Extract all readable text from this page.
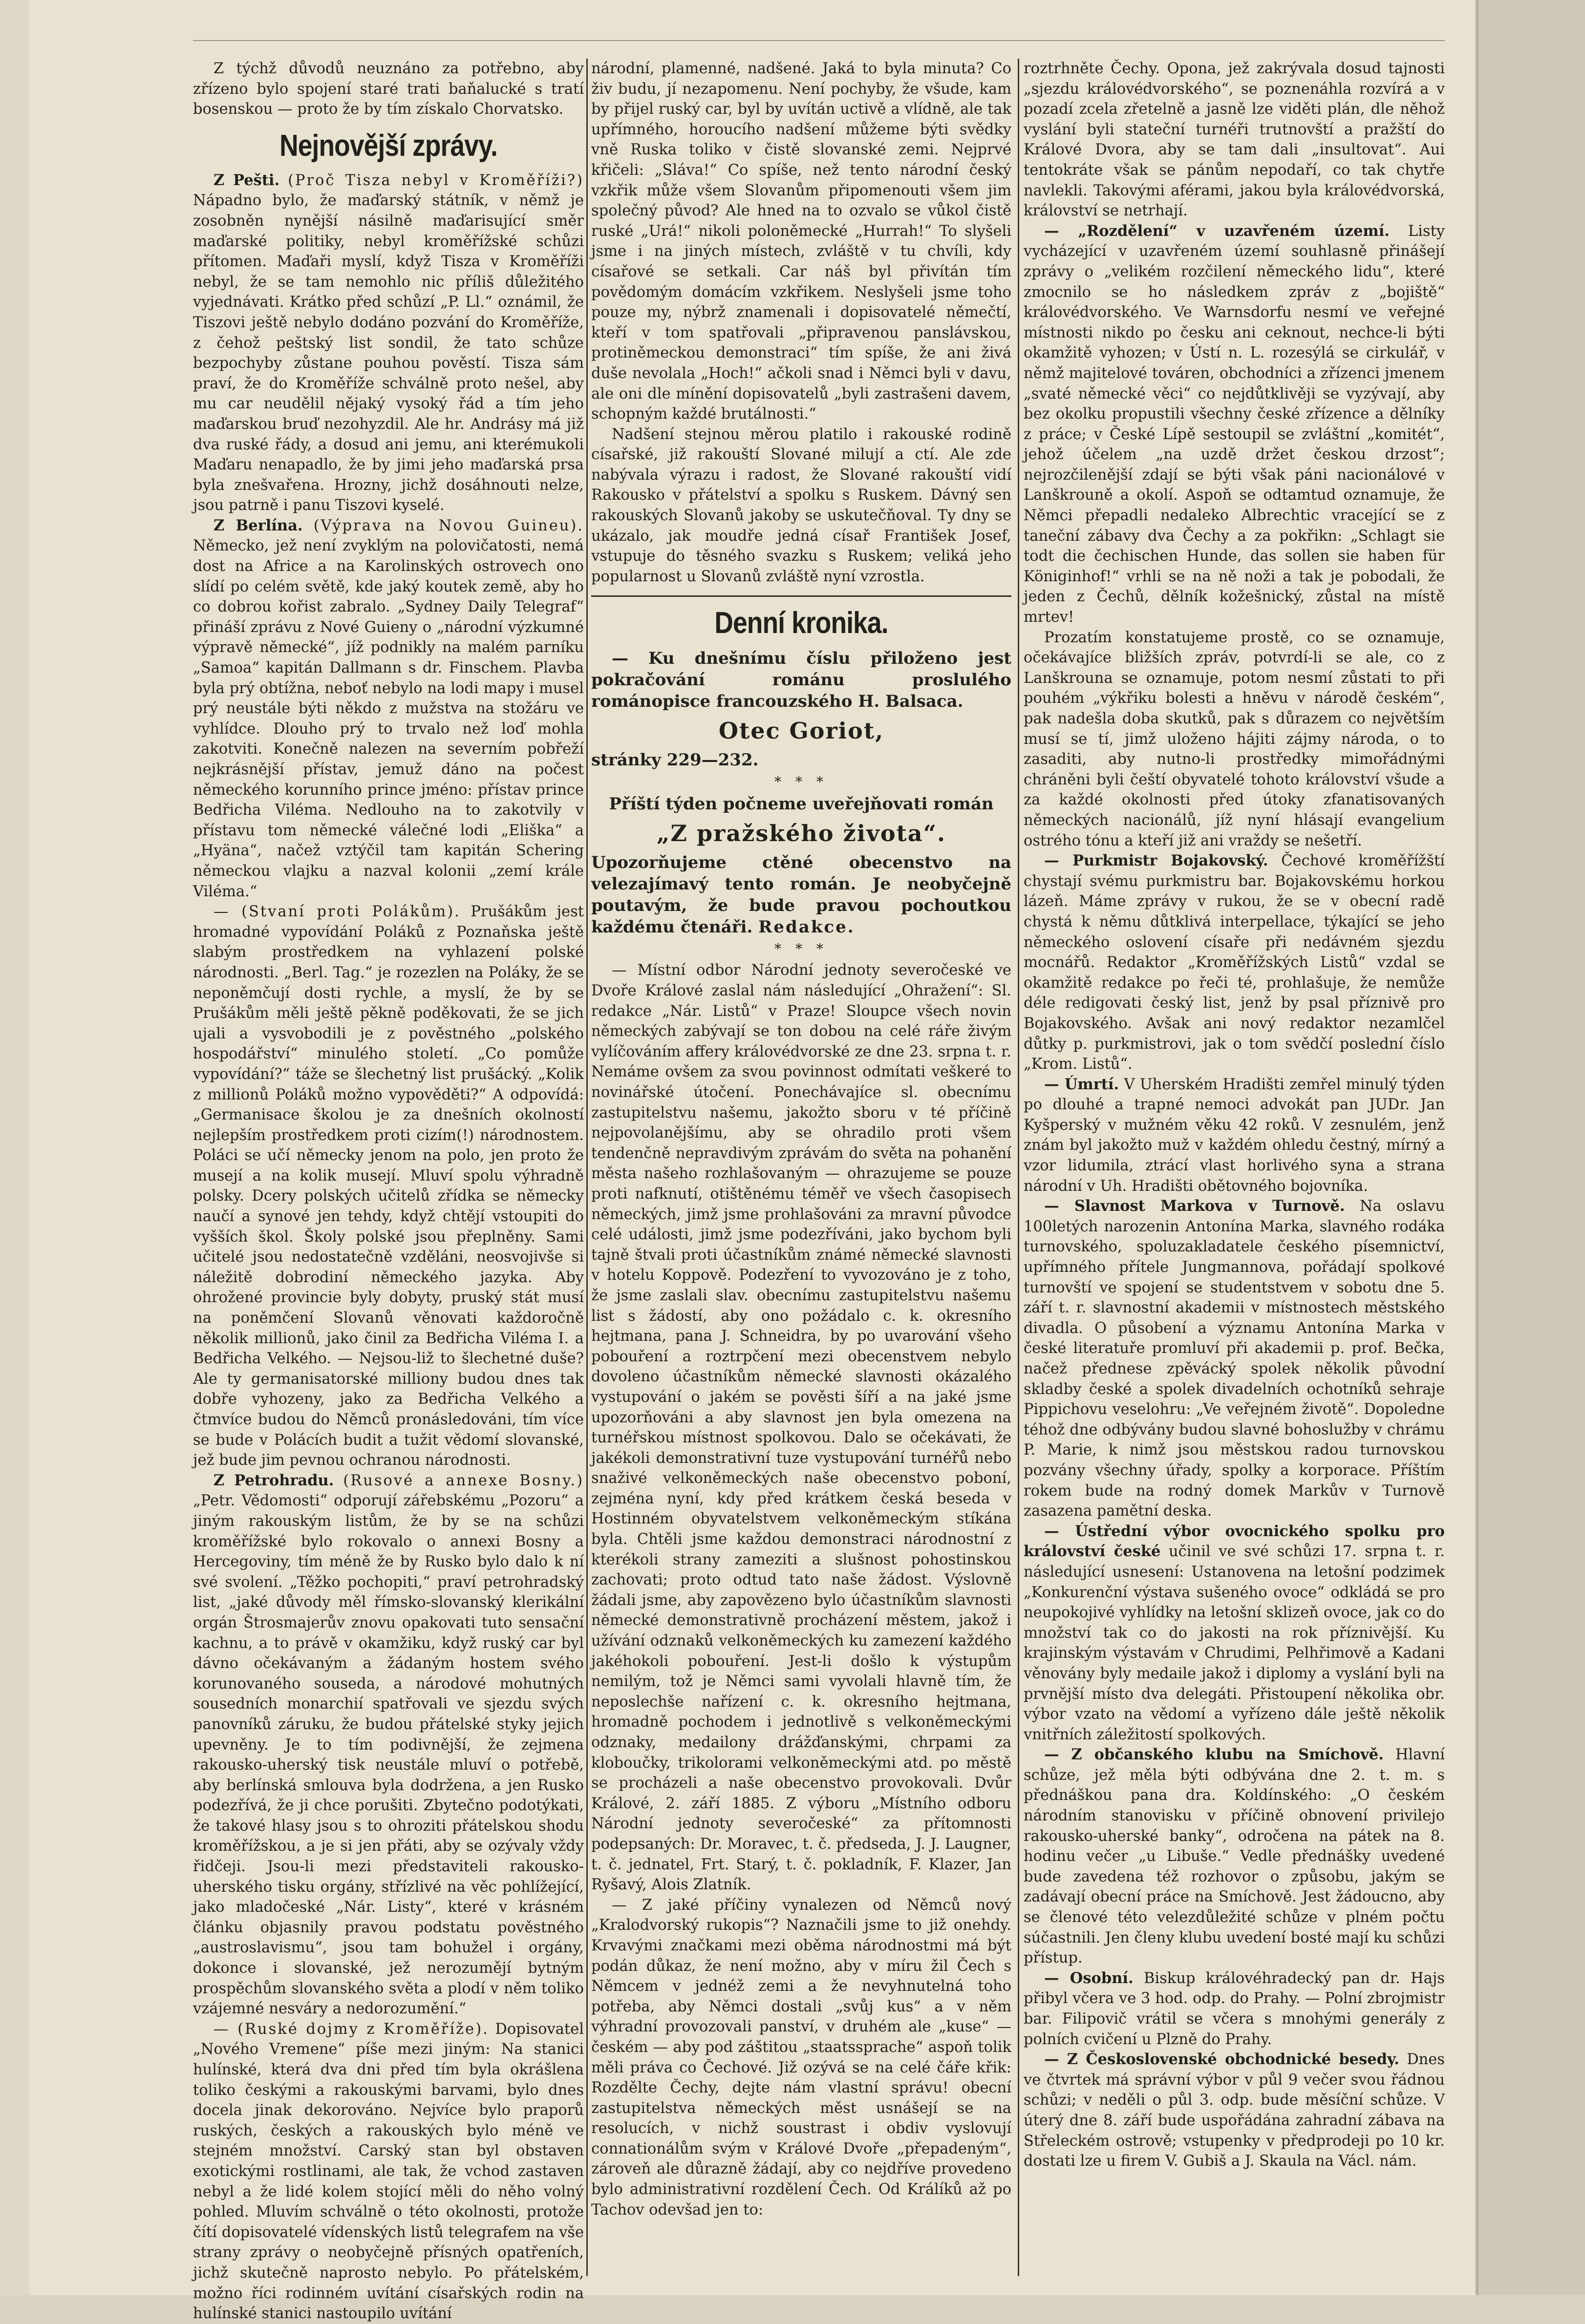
Z týchž důvodů neuznáno za potřebno, aby zřízeno bylo spojení staré trati baňalucké s tratí bosenskou — proto že by tím získalo Chorvatsko.

Nejnovější zprávy.

Z Pešti. (Proč Tisza nebyl v Kroměříži?) Nápadno bylo, že maďarský státník, v němž je zosobněn nynější násilně maďarisující směr maďarské politiky, nebyl kroměřížské schůzi přítomen. Maďaři myslí, když Tisza v Kroměříži nebyl, že se tam nemohlo nic příliš důležitého vyjednávati. Krátko před schůzí „P. Ll.“ oznámil, že Tiszovi ještě nebylo dodáno pozvání do Kroměříže, z čehož peštský list sondil, že tato schůze bezpochyby zůstane pouhou pověstí. Tisza sám praví, že do Kroměříže schválně proto nešel, aby mu car neudělil nějaký vysoký řád a tím jeho maďarskou bruď nezohyzdil. Ale hr. Andrásy má již dva ruské řády, a dosud ani jemu, ani kterémukoli Maďaru nenapadlo, že by jimi jeho maďarská prsa byla znešvařena. Hrozny, jichž dosáhnouti nelze, jsou patrně i panu Tiszovi kyselé.

Z Berlína. (Výprava na Novou Guineu). Německo, jež není zvyklým na polovičatosti, nemá dost na Africe a na Karolinských ostrovech ono slídí po celém světě, kde jaký koutek země, aby ho co dobrou kořist zabralo. „Sydney Daily Telegraf“ přináší zprávu z Nové Guieny o „národní výzkumné výpravě německé“, jíž podnikly na malém parníku „Samoa“ kapitán Dallmann s dr. Finschem. Plavba byla prý obtížna, neboť nebylo na lodi mapy i musel prý neustále býti někdo z mužstva na stožáru ve vyhlídce. Dlouho prý to trvalo než loď mohla zakotviti. Konečně nalezen na severním pobřeží nejkrásnější přístav, jemuž dáno na počest německého korunního prince jméno: přístav prince Bedřicha Viléma. Nedlouho na to zakotvily v přístavu tom německé válečné lodi „Eliška“ a „Hyäna“, načež vztýčil tam kapitán Schering německou vlajku a nazval kolonii „zemí krále Viléma.“

— (Stvaní proti Polákům). Prušákům jest hromadné vypovídání Poláků z Poznaňska ještě slabým prostředkem na vyhlazení polské národnosti. „Berl. Tag.“ je rozezlen na Poláky, že se neponěmčují dosti rychle, a myslí, že by se Prušákům měli ještě pěkně poděkovati, že se jich ujali a vysvobodili je z pověstného „polského hospodářství“ minulého století. „Co pomůže vypovídání?“ táže se šlechetný list prušácký. „Kolik z millionů Poláků možno vypověděti?“ A odpovídá: „Germanisace školou je za dnešních okolností nejlepším prostředkem proti cizím(!) národnostem. Poláci se učí německy jenom na polo, jen proto že musejí a na kolik musejí. Mluví spolu výhradně polsky. Dcery polských učitelů zřídka se německy naučí a synové jen tehdy, když chtějí vstoupiti do vyšších škol. Školy polské jsou přeplněny. Sami učitelé jsou nedostatečně vzděláni, neosvojivše si náležitě dobrodiní německého jazyka. Aby ohrožené provincie byly dobyty, pruský stát musí na poněmčení Slovanů věnovati každoročně několik millionů, jako činil za Bedřicha Viléma I. a Bedřicha Velkého. — Nejsou-liž to šlechetné duše? Ale ty germanisatorské milliony budou dnes tak dobře vyhozeny, jako za Bedřicha Velkého a čtmvíce budou do Němců pronásledováni, tím více se bude v Polácích budit a tužit vědomí slovanské, jež bude jim pevnou ochranou národnosti.

Z Petrohradu. (Rusové a annexe Bosny.) „Petr. Vědomosti“ odporují zářebskému „Pozoru“ a jiným rakouským listům, že by se na schůzi kroměřížské bylo rokovalo o annexi Bosny a Hercegoviny, tím méně že by Rusko bylo dalo k ní své svolení. „Těžko pochopiti,“ praví petrohradský list, „jaké důvody měl římsko-slovanský klerikální orgán Štrosmajerův znovu opakovati tuto sensační kachnu, a to právě v okamžiku, když ruský car byl dávno očekávaným a žádaným hostem svého korunovaného souseda, a národové mohutných sousedních monarchií spatřovali ve sjezdu svých panovníků záruku, že budou přátelské styky jejich upevněny. Je to tím podivnější, že zejmena rakousko-uherský tisk neustále mluví o potřebě, aby berlínská smlouva byla dodržena, a jen Rusko podezřívá, že ji chce porušiti. Zbytečno podotýkati, že takové hlasy jsou s to ohroziti přátelskou shodu kroměřížskou, a je si jen přáti, aby se ozývaly vždy řidčeji. Jsou-li mezi představiteli rakousko-uherského tisku orgány, střízlivé na věc pohlížející, jako mladočeské „Nár. Listy“, které v krásném článku objasnily pravou podstatu pověstného „austroslavismu“, jsou tam bohužel i orgány, dokonce i slovanské, jež nerozumějí bytným prospěchům slovanského světa a plodí v něm toliko vzájemné nesváry a nedorozumění.“

— (Ruské dojmy z Kroměříže). Dopisovatel „Nového Vremene“ píše mezi jiným: Na stanici hulínské, která dva dni před tím byla okrášlena toliko českými a rakouskými barvami, bylo dnes docela jinak dekorováno. Nejvíce bylo praporů ruských, českých a rakouských bylo méně ve stejném množství. Carský stan byl obstaven exotickými rostlinami, ale tak, že vchod zastaven nebyl a že lidé kolem stojící měli do něho volný pohled. Mluvím schválně o této okolnosti, protože čítí dopisovatelé vídenských listů telegrafem na vše strany zprávy o neobyčejně přísných opatřeních, jichž skutečně naprosto nebylo. Po přátelském, možno říci rodinném uvítání císařských rodin na hulínské stanici nastoupilo uvítání

národní, plamenné, nadšené. Jaká to byla minuta? Co živ budu, jí nezapomenu. Není pochyby, že všude, kam by přijel ruský car, byl by uvítán uctivě a vlídně, ale tak upřímného, horoucího nadšení můžeme býti svědky vně Ruska toliko v čistě slovanské zemi. Nejprvé křičeli: „Sláva!“ Co spíše, než tento národní český vzkřik může všem Slovanům připomenouti všem jim společný původ? Ale hned na to ozvalo se vůkol čistě ruské „Urá!“ nikoli poloněmecké „Hurrah!“ To slyšeli jsme i na jiných místech, zvláště v tu chvíli, kdy císařové se setkali. Car náš byl přivítán tím povědomým domácím vzkřikem. Neslyšeli jsme toho pouze my, nýbrž znamenali i dopisovatelé němečtí, kteří v tom spatřovali „připravenou panslávskou, protiněmeckou demonstraci“ tím spíše, že ani živá duše nevolala „Hoch!“ ačkoli snad i Němci byli v davu, ale oni dle mínění dopisovatelů „byli zastrašeni davem, schopným každé brutálnosti.“

Nadšení stejnou měrou platilo i rakouské rodině císařské, již rakouští Slované milují a ctí. Ale zde nabývala výrazu i radost, že Slované rakouští vidí Rakousko v přátelství a spolku s Ruskem. Dávný sen rakouských Slovanů jakoby se uskutečňoval. Ty dny se ukázalo, jak moudře jedná císař František Josef, vstupuje do těsného svazku s Ruskem; veliká jeho popularnost u Slovanů zvláště nyní vzrostla.

Denní kronika.

— Ku dnešnímu číslu přiloženo jest pokračování románu proslulého románopisce francouzského H. Balsaca.

Otec Goriot,

stránky 229—232.

* * *

Příští týden počneme uveřejňovati román

„Z pražského života“.

Upozorňujeme ctěné obecenstvo na velezajímavý tento román. Je neobyčejně poutavým, že bude pravou pochoutkou každému čtenáři. Redakce.

* * *

— Místní odbor Národní jednoty severočeské ve Dvoře Králové zaslal nám následující „Ohražení“: Sl. redakce „Nár. Listů“ v Praze! Sloupce všech novin německých zabývají se ton dobou na celé ráře živým vylíčováním affery královédvorské ze dne 23. srpna t. r. Nemáme ovšem za svou povinnost odmítati veškeré to novinářské útočení. Ponechávajíce sl. obecnímu zastupitelstvu našemu, jakožto sboru v té příčině nejpovolanějšímu, aby se ohradilo proti všem tendenčně nepravdivým zprávám do světa na pohanění města našeho rozhlašovaným — ohrazujeme se pouze proti nafknutí, otištěnému téměř ve všech časopisech německých, jimž jsme prohlašováni za mravní původce celé události, jimž jsme podezříváni, jako bychom byli tajně štvali proti účastníkům známé německé slavnosti v hotelu Koppově. Podezření to vyvozováno je z toho, že jsme zaslali slav. obecnímu zastupitelstvu našemu list s žádostí, aby ono požádalo c. k. okresního hejtmana, pana J. Schneidra, by po uvarování všeho pobouření a roztrpčení mezi obecenstvem nebylo dovoleno účastníkům německé slavnosti okázalého vystupování o jakém se pověsti šíří a na jaké jsme upozorňováni a aby slavnost jen byla omezena na turnéřskou místnost spolkovou. Dalo se očekávati, že jakékoli demonstrativní tuze vystupování turnéřů nebo snaživé velkoněmeckých naše obecenstvo poboní, zejména nyní, kdy před krátkem česká beseda v Hostinném obyvatelstvem velkoněmeckým stíkána byla. Chtěli jsme každou demonstraci národnostní z kterékoli strany zameziti a slušnost pohostinskou zachovati; proto odtud tato naše žádost. Výslovně žádali jsme, aby zapovězeno bylo účastníkům slavnosti německé demonstrativně procházení městem, jakož i užívání odznaků velkoněmeckých ku zamezení každého jakéhokoli pobouření. Jest-li došlo k výstupům nemilým, tož je Němci sami vyvolali hlavně tím, že neposlechše nařízení c. k. okresního hejtmana, hromadně pochodem i jednotlivě s velkoněmeckými odznaky, medailony drážďanskými, chrpami za kloboučky, trikolorami velkoněmeckými atd. po městě se procházeli a naše obecenstvo provokovali. Dvůr Králové, 2. září 1885. Z výboru „Místního odboru Národní jednoty severočeské“ za přítomnosti podepsaných: Dr. Moravec, t. č. předseda, J. J. Laugner, t. č. jednatel, Frt. Starý, t. č. pokladník, F. Klazer, Jan Ryšavý, Alois Zlatník.

— Z jaké příčiny vynalezen od Němců nový „Kralodvorský rukopis“? Naznačili jsme to již onehdy. Krvavými značkami mezi oběma národnostmi má být podán důkaz, že není možno, aby v míru žil Čech s Němcem v jednéž zemi a že nevyhnutelná toho potřeba, aby Němci dostali „svůj kus“ a v něm výhradní provozovali panství, v druhém ale „kuse“ — českém — aby pod záštitou „staatssprache“ aspoň tolik měli práva co Čechové. Již ozývá se na celé čáře křik: Rozdělte Čechy, dejte nám vlastní správu! obecní zastupitelstva německých měst usnášejí se na resolucích, v nichž soustrast i obdiv vyslovují connationálům svým v Králové Dvoře „přepadeným“, zároveň ale důrazně žádají, aby co nejdříve provedeno bylo administrativní rozdělení Čech. Od Králíků až po Tachov odevšad jen to:

roztrhněte Čechy. Opona, jež zakrývala dosud tajnosti „sjezdu královédvorského“, se poznenáhla rozvírá a v pozadí zcela zřetelně a jasně lze viděti plán, dle něhož vyslání byli stateční turnéři trutnovští a pražští do Králové Dvora, aby se tam dali „insultovat“. Aui tentokráte však se pánům nepodaří, co tak chytře navlekli. Takovými aférami, jakou byla královédvorská, království se netrhají.

— „Rozdělení“ v uzavřeném území. Listy vycházející v uzavřeném území souhlasně přinášejí zprávy o „velikém rozčilení německého lidu“, které zmocnilo se ho následkem zpráv z „bojiště“ královédvorského. Ve Warnsdorfu nesmí ve veřejné místnosti nikdo po česku ani ceknout, nechce-li býti okamžitě vyhozen; v Ústí n. L. rozesýlá se cirkulář, v němž majitelové továren, obchodníci a zřízenci jmenem „svaté německé věci“ co nejdůtklivěji se vyzývají, aby bez okolku propustili všechny české zřízence a dělníky z práce; v České Lípě sestoupil se zvláštní „komitét“, jehož účelem „na uzdě držet českou drzost“; nejrozčilenější zdají se býti však páni nacionálové v Lanškrouně a okolí. Aspoň se odtamtud oznamuje, že Němci přepadli nedaleko Albrechtic vracející se z taneční zábavy dva Čechy a za pokřikn: „Schlagt sie todt die čechischen Hunde, das sollen sie haben für Königinhof!“ vrhli se na ně noži a tak je pobodali, že jeden z Čechů, dělník kožešnický, zůstal na místě mrtev!

Prozatím konstatujeme prostě, co se oznamuje, očekávajíce bližších zpráv, potvrdí-li se ale, co z Lanškrouna se oznamuje, potom nesmí zůstati to při pouhém „výkřiku bolesti a hněvu v národě českém“, pak nadešla doba skutků, pak s důrazem co největším musí se tí, jimž uloženo hájiti zájmy národa, o to zasaditi, aby nutno-li prostředky mimořádnými chráněni byli čeští obyvatelé tohoto království všude a za každé okolnosti před útoky zfanatisovaných německých nacionálů, jíž nyní hlásají evangelium ostrého tónu a kteří již ani vraždy se nešetří.

— Purkmistr Bojakovský. Čechové kroměřížští chystají svému purkmistru bar. Bojakovskému horkou lázeň. Máme zprávy v rukou, že se v obecní radě chystá k němu důtklivá interpellace, týkající se jeho německého oslovení císaře při nedávném sjezdu mocnářů. Redaktor „Kroměřížských Listů“ vzdal se okamžitě redakce po řeči té, prohlašuje, že nemůže déle redigovati český list, jenž by psal příznivě pro Bojakovského. Avšak ani nový redaktor nezamlčel důtky p. purkmistrovi, jak o tom svědčí poslední číslo „Krom. Listů“.

— Úmrtí. V Uherském Hradišti zemřel minulý týden po dlouhé a trapné nemoci advokát pan JUDr. Jan Kyšperský v mužném věku 42 roků. V zesnulém, jenž znám byl jakožto muž v každém ohledu čestný, mírný a vzor lidumila, ztrácí vlast horlivého syna a strana národní v Uh. Hradišti obětovného bojovníka.

— Slavnost Markova v Turnově. Na oslavu 100letých narozenin Antonína Marka, slavného rodáka turnovského, spoluzakladatele českého písemnictví, upřímného přítele Jungmannova, pořádají spolkové turnovští ve spojení se studentstvem v sobotu dne 5. září t. r. slavnostní akademii v místnostech městského divadla. O působení a významu Antonína Marka v české literatuře promluví při akademii p. prof. Bečka, načež přednese zpěvácký spolek několik původní skladby české a spolek divadelních ochotníků sehraje Pippichovu veselohru: „Ve veřejném životě“. Dopoledne téhož dne odbývány budou slavné bohoslužby v chrámu P. Marie, k nimž jsou městskou radou turnovskou pozvány všechny úřady, spolky a korporace. Příštím rokem bude na rodný domek Markův v Turnově zasazena pamětní deska.

— Ústřední výbor ovocnického spolku pro království české učinil ve své schůzi 17. srpna t. r. následující usnesení: Ustanovena na letošní podzimek „Konkurenční výstava sušeného ovoce“ odkládá se pro neupokojivé vyhlídky na letošní sklizeň ovoce, jak co do množství tak co do jakosti na rok příznivější. Ku krajinským výstavám v Chrudimi, Pelhřimově a Kadani věnovány byly medaile jakož i diplomy a vyslání byli na prvnější místo dva delegáti. Přistoupení několika obr. výbor vzato na vědomí a vyřízeno dále ještě několik vnitřních záležitostí spolkových.

— Z občanského klubu na Smíchově. Hlavní schůze, jež měla býti odbývána dne 2. t. m. s přednáškou pana dra. Koldínského: „O českém národním stanovisku v příčině obnovení privilejo rakousko-uherské banky“, odročena na pátek na 8. hodinu večer „u Libuše.“ Vedle přednášky uvedené bude zavedena též rozhovor o způsobu, jakým se zadávají obecní práce na Smíchově. Jest žádoucno, aby se členové této velezdůležité schůze v plném počtu súčastnili. Jen členy klubu uvedení bosté mají ku schůzi přístup.

— Osobní. Biskup královéhradecký pan dr. Hajs přibyl včera ve 3 hod. odp. do Prahy. — Polní zbrojmistr bar. Filipovič vrátil se včera s mnohými generály z polních cvičení u Plzně do Prahy.

— Z Československé obchodnické besedy. Dnes ve čtvrtek má správní výbor v půl 9 večer svou řádnou schůzi; v neděli o půl 3. odp. bude měsíční schůze. V úterý dne 8. září bude uspořádána zahradní zábava na Střeleckém ostrově; vstupenky v předprodeji po 10 kr. dostati lze u firem V. Gubiš a J. Skaula na Václ. nám.
